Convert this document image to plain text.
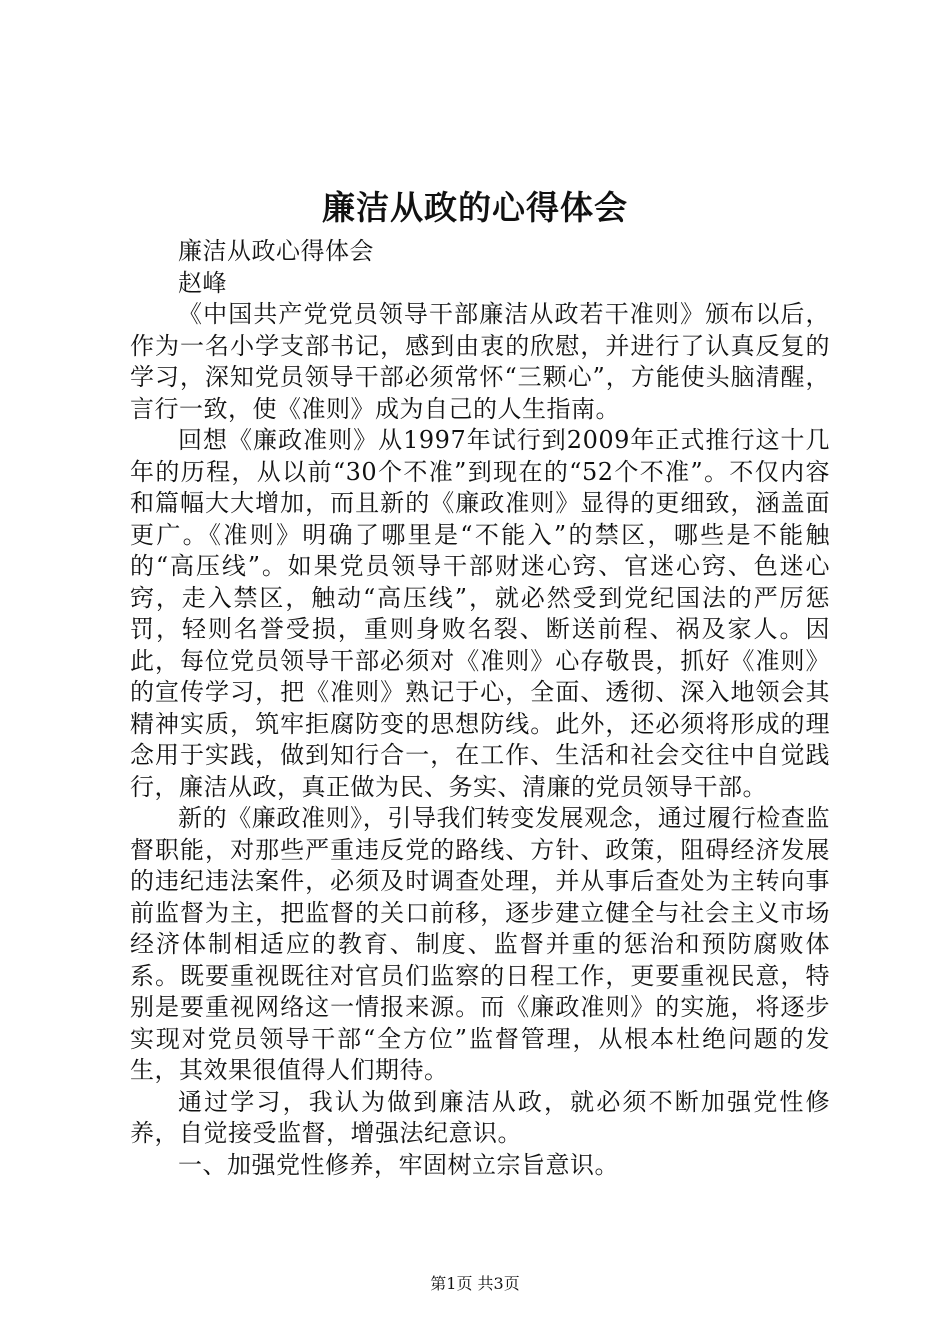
廉洁从政的心得体会

廉洁从政心得体会

赵峰

《中国共产党党员领导干部廉洁从政若干准则》颁布以后，作为一名小学支部书记，感到由衷的欣慰，并进行了认真反复的学习，深知党员领导干部必须常怀“三颗心”，方能使头脑清醒，言行一致，使《准则》成为自己的人生指南。

回想《廉政准则》从1997年试行到2009年正式推行这十几年的历程，从以前“30个不准”到现在的“52个不准”。不仅内容和篇幅大大增加，而且新的《廉政准则》显得的更细致，涵盖面更广。《准则》明确了哪里是“不能入”的禁区，哪些是不能触的“高压线”。如果党员领导干部财迷心窍、官迷心窍、色迷心窍，走入禁区，触动“高压线”，就必然受到党纪国法的严厉惩罚，轻则名誉受损，重则身败名裂、断送前程、祸及家人。因此，每位党员领导干部必须对《准则》心存敬畏，抓好《准则》的宣传学习，把《准则》熟记于心，全面、透彻、深入地领会其精神实质，筑牢拒腐防变的思想防线。此外，还必须将形成的理念用于实践，做到知行合一，在工作、生活和社会交往中自觉践行，廉洁从政，真正做为民、务实、清廉的党员领导干部。

新的《廉政准则》，引导我们转变发展观念，通过履行检查监督职能，对那些严重违反党的路线、方针、政策，阻碍经济发展的违纪违法案件，必须及时调查处理，并从事后查处为主转向事前监督为主，把监督的关口前移，逐步建立健全与社会主义市场经济体制相适应的教育、制度、监督并重的惩治和预防腐败体系。既要重视既往对官员们监察的日程工作，更要重视民意，特别是要重视网络这一情报来源。而《廉政准则》的实施，将逐步实现对党员领导干部“全方位”监督管理，从根本杜绝问题的发生，其效果很值得人们期待。

通过学习，我认为做到廉洁从政，就必须不断加强党性修养，自觉接受监督，增强法纪意识。

一、加强党性修养，牢固树立宗旨意识。

第1页 共3页
